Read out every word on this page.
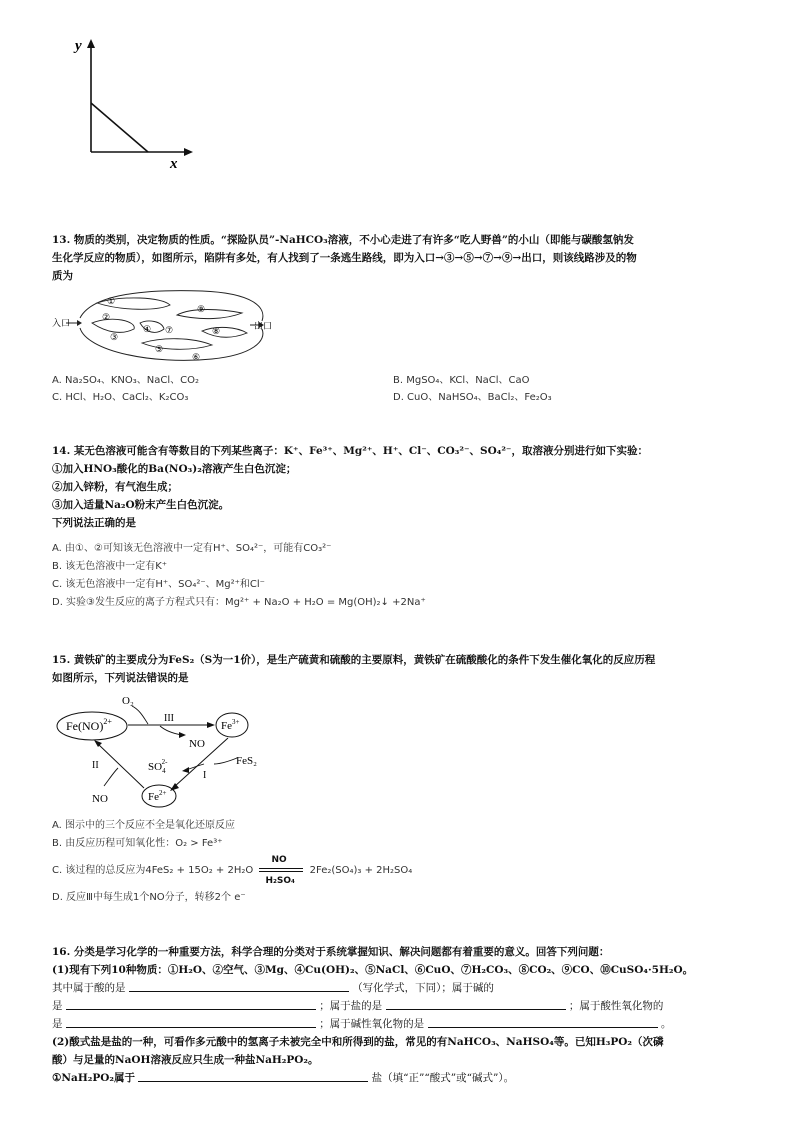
y
x
13. 物质的类别，决定物质的性质。“探险队员”-NaHCO₃溶液，不小心走进了有许多“吃人野兽”的小山（即能与碳酸氢钠发
生化学反应的物质），如图所示，陷阱有多处，有人找到了一条逃生路线，即为入口→③→⑤→⑦→⑨→出口，则该线路涉及的物
质为
入口	出口
①
②
③
④
⑤
⑥
⑦	⑧
⑨
A. Na₂SO₄、KNO₃、NaCl、CO₂	B. MgSO₄、KCl、NaCl、CaO
C. HCl、H₂O、CaCl₂、K₂CO₃	D. CuO、NaHSO₄、BaCl₂、Fe₂O₃
14. 某无色溶液可能含有等数目的下列某些离子：K⁺、Fe³⁺、Mg²⁺、H⁺、Cl⁻、CO₃²⁻、SO₄²⁻，取溶液分别进行如下实验：
①加入HNO₃酸化的Ba(NO₃)₂溶液产生白色沉淀；
②加入锌粉，有气泡生成；
③加入适量Na₂O粉末产生白色沉淀。
下列说法正确的是
A. 由①、②可知该无色溶液中一定有H⁺、SO₄²⁻，可能有CO₃²⁻
B. 该无色溶液中一定有K⁺
C. 该无色溶液中一定有H⁺、SO₄²⁻、Mg²⁺和Cl⁻
D. 实验③发生反应的离子方程式只有：Mg²⁺ + Na₂O + H₂O = Mg(OH)₂↓ +2Na⁺
15. 黄铁矿的主要成分为FeS₂（S为一1价），是生产硫黄和硫酸的主要原料，黄铁矿在硫酸酸化的条件下发生催化氧化的反应历程
如图所示，下列说法错误的是
Fe(NO)$^{2+}$	$Fe^{3+}$
$Fe^{2+}$
O₂
III
NO
FeS₂
I
$SO_42-$
II
NO
A. 图示中的三个反应不全是氧化还原反应
B. 由反应历程可知氧化性：O₂ > Fe³⁺
C. 该过程的总反应为$4FeS_2 + 15O_2 + 2H_2O \frac{NO}{\text{H₂SO₄}} 2Fe_2(SO_4)_3 + 2H_2SO_4$
D. 反应Ⅲ中每生成1个NO分子，转移2个 e⁻
16. 分类是学习化学的一种重要方法，科学合理的分类对于系统掌握知识、解决问题都有着重要的意义。回答下列问题：
(1)现有下列10种物质：①H₂O、②空气、③Mg、④Cu(OH)₂、⑤NaCl、⑥CuO、⑦H₂CO₃、⑧CO₂、⑨CO、⑩CuSO₄·5H₂O。
其中属于酸的是	（写化学式，下同）；属于碱的
是	；属于盐的是	；属于酸性氧化物的
是	；属于碱性氧化物的是	。
(2)酸式盐是盐的一种，可看作多元酸中的氢离子未被完全中和所得到的盐，常见的有NaHCO₃、NaHSO₄等。已知H₃PO₂（次磷
酸）与足量的NaOH溶液反应只生成一种盐NaH₂PO₂。
①NaH₂PO₂属于	盐（填“正”“酸式”或“碱式”）。
